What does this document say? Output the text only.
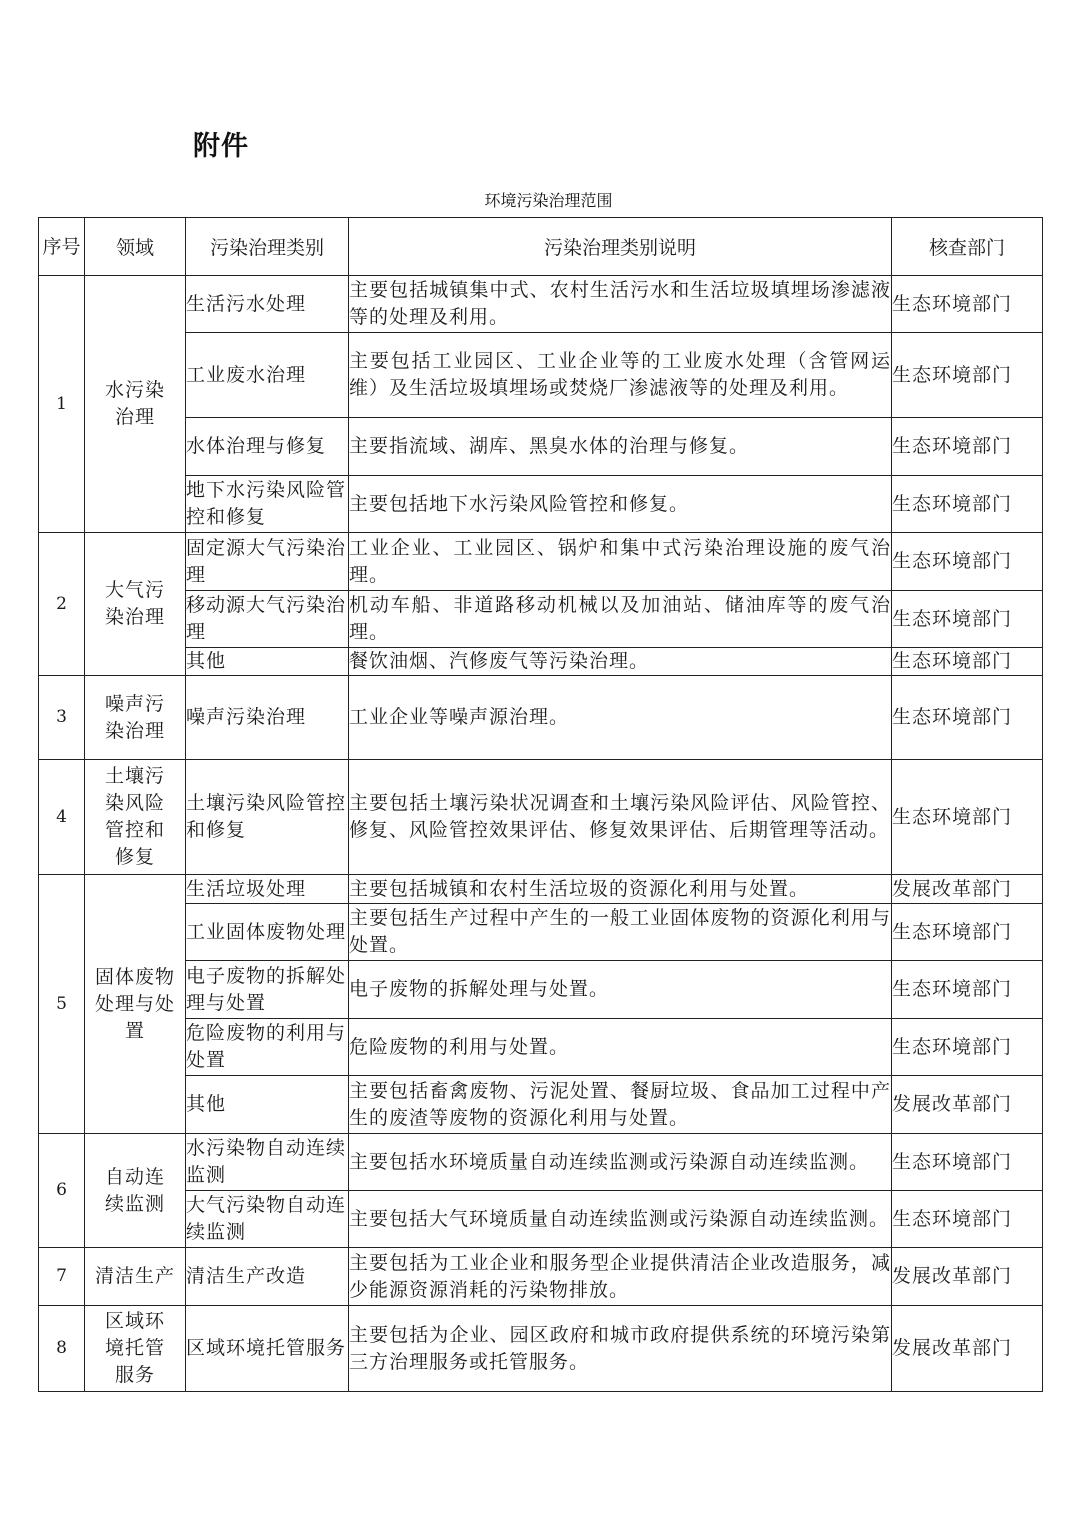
附件
环境污染治理范围
序号	领域	污染治理类别	污染治理类别说明	核查部门
1	水污染治理	生活污水处理	主要包括城镇集中式、农村生活污水和生活垃圾填埋场渗滤液等的处理及利用。	生态环境部门
		工业废水治理	主要包括工业园区、工业企业等的工业废水处理（含管网运维）及生活垃圾填埋场或焚烧厂渗滤液等的处理及利用。	生态环境部门
		水体治理与修复	主要指流域、湖库、黑臭水体的治理与修复。	生态环境部门
		地下水污染风险管控和修复	主要包括地下水污染风险管控和修复。	生态环境部门
2	大气污染治理	固定源大气污染治理	工业企业、工业园区、锅炉和集中式污染治理设施的废气治理。	生态环境部门
		移动源大气污染治理	机动车船、非道路移动机械以及加油站、储油库等的废气治理。	生态环境部门
		其他	餐饮油烟、汽修废气等污染治理。	生态环境部门
3	噪声污染治理	噪声污染治理	工业企业等噪声源治理。	生态环境部门
4	土壤污染风险管控和修复	土壤污染风险管控和修复	主要包括土壤污染状况调查和土壤污染风险评估、风险管控、修复、风险管控效果评估、修复效果评估、后期管理等活动。	生态环境部门
5	固体废物处理与处置	生活垃圾处理	主要包括城镇和农村生活垃圾的资源化利用与处置。	发展改革部门
		工业固体废物处理	主要包括生产过程中产生的一般工业固体废物的资源化利用与处置。	生态环境部门
		电子废物的拆解处理与处置	电子废物的拆解处理与处置。	生态环境部门
		危险废物的利用与处置	危险废物的利用与处置。	生态环境部门
		其他	主要包括畜禽废物、污泥处置、餐厨垃圾、食品加工过程中产生的废渣等废物的资源化利用与处置。	发展改革部门
6	自动连续监测	水污染物自动连续监测	主要包括水环境质量自动连续监测或污染源自动连续监测。	生态环境部门
		大气污染物自动连续监测	主要包括大气环境质量自动连续监测或污染源自动连续监测。	生态环境部门
7	清洁生产	清洁生产改造	主要包括为工业企业和服务型企业提供清洁企业改造服务，减少能源资源消耗的污染物排放。	发展改革部门
8	区域环境托管服务	区域环境托管服务	主要包括为企业、园区政府和城市政府提供系统的环境污染第三方治理服务或托管服务。	发展改革部门
